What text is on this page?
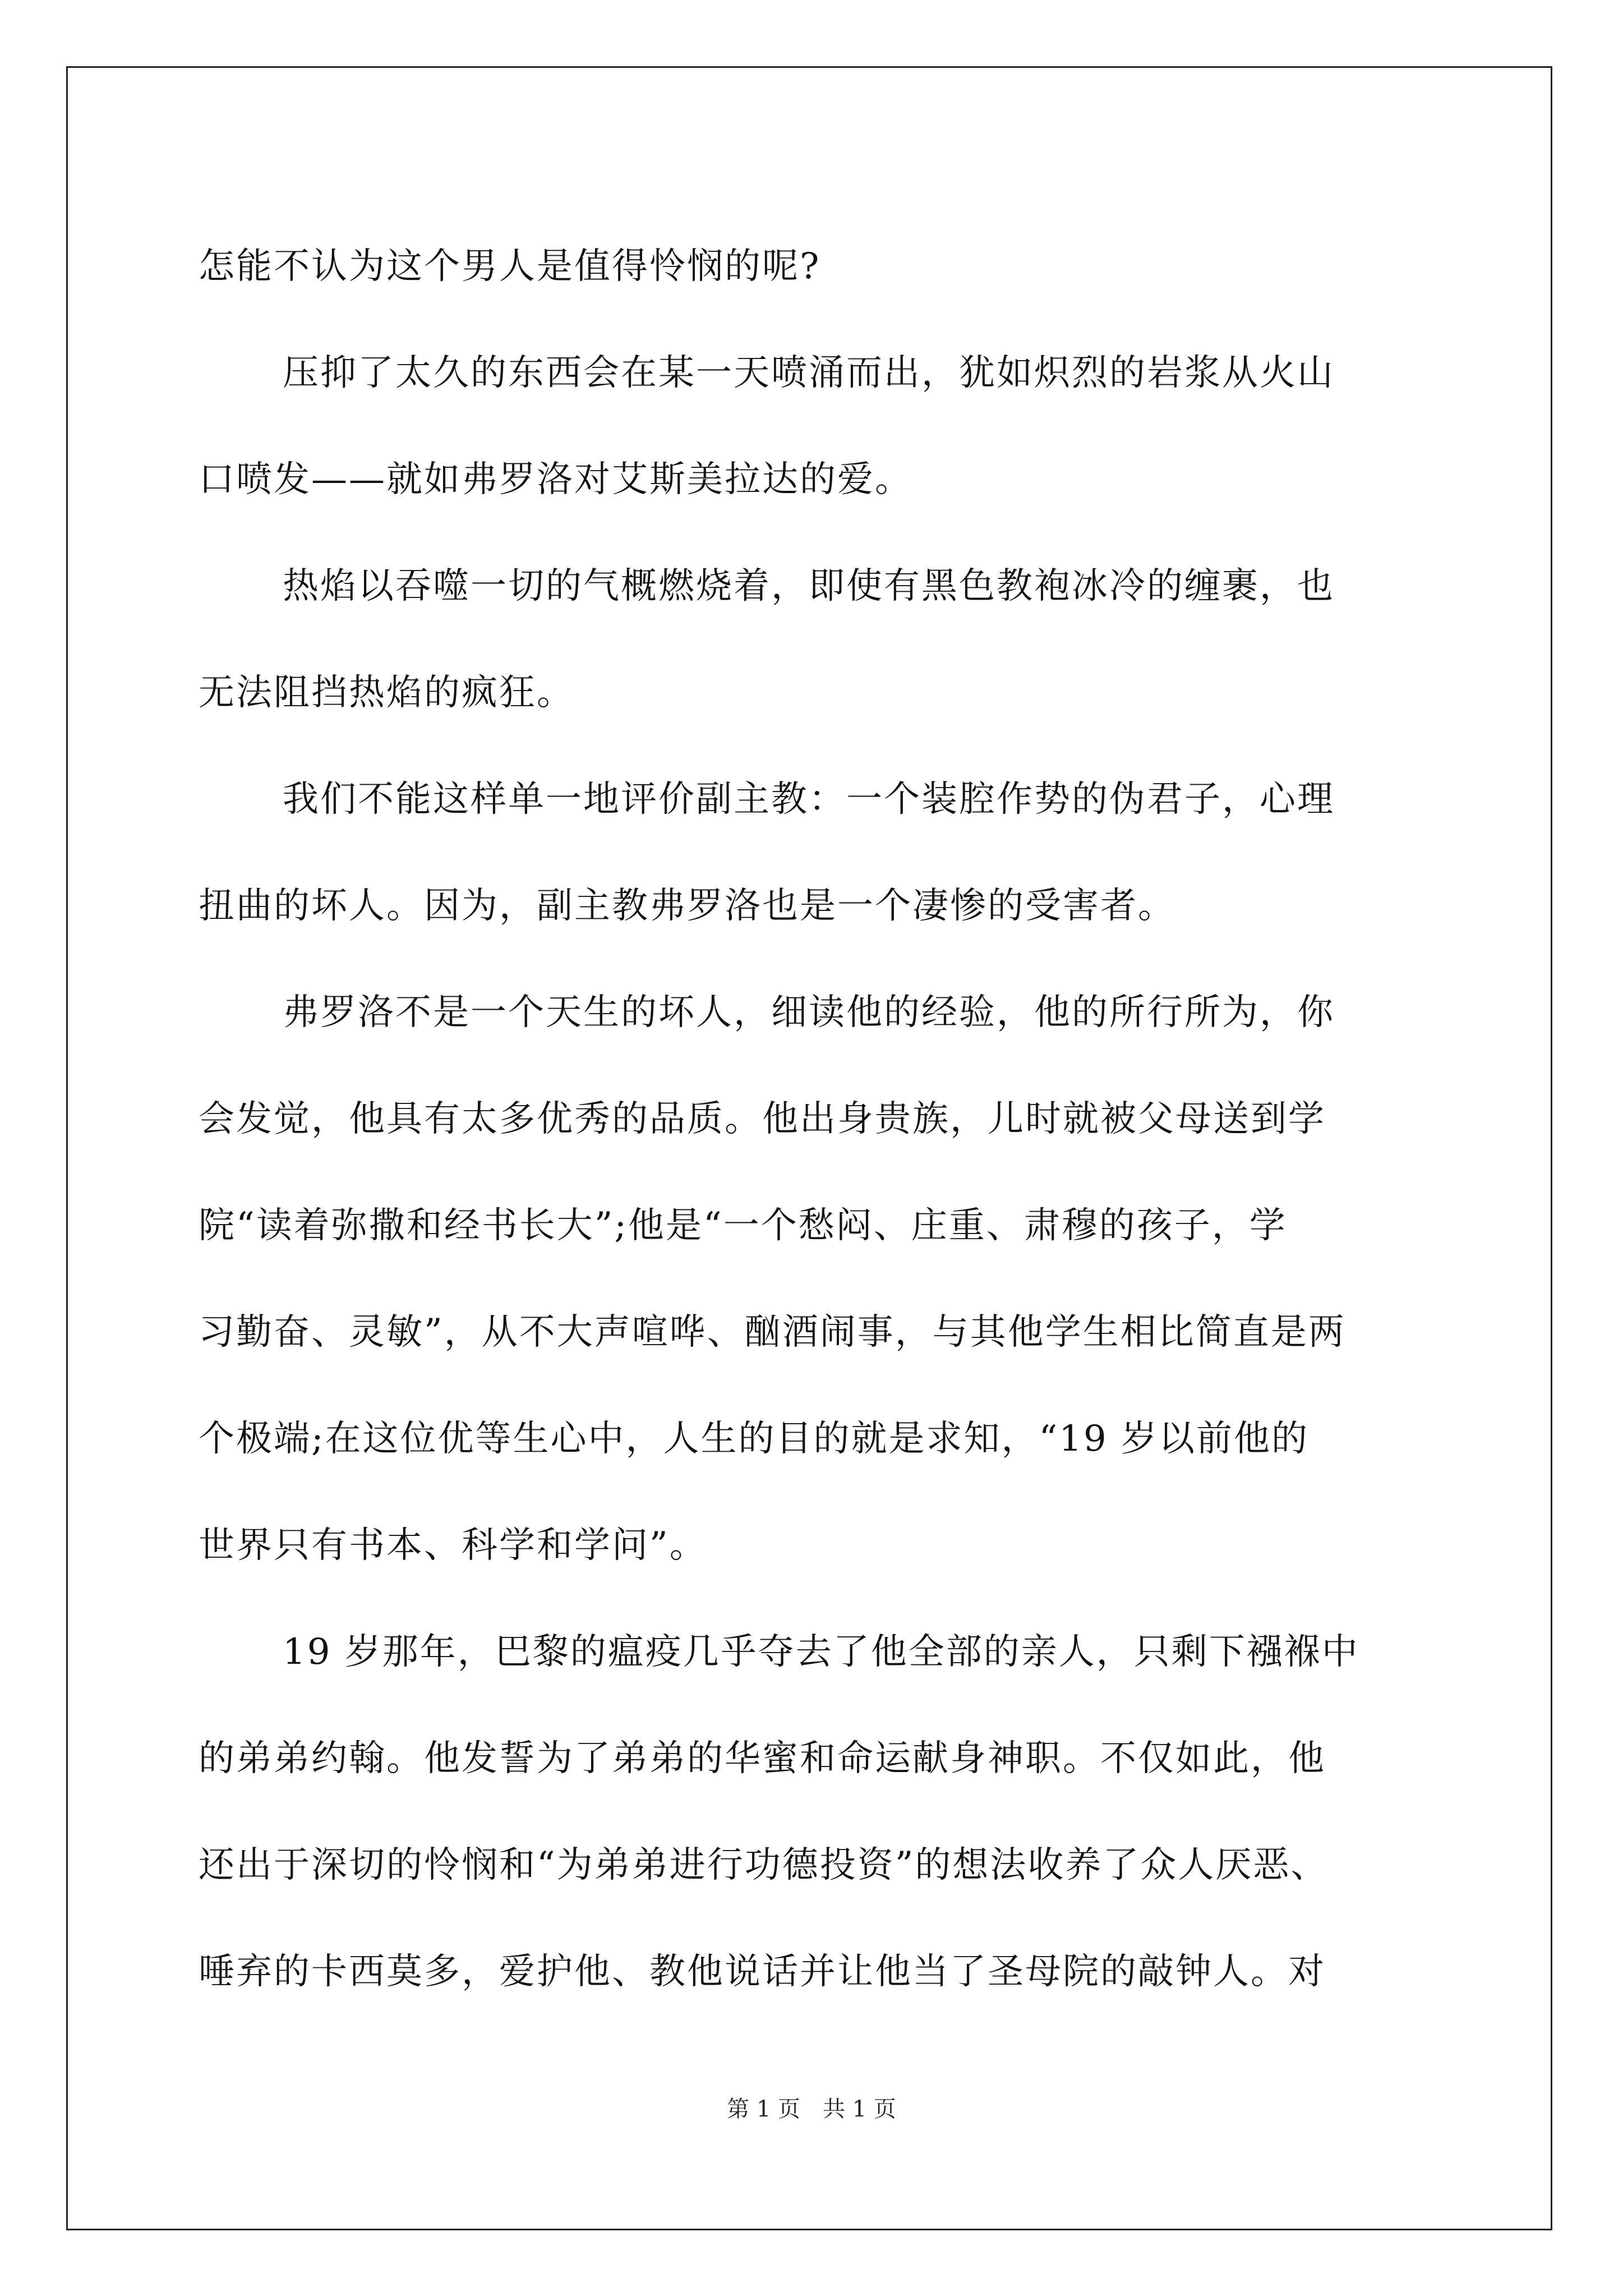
怎能不认为这个男人是值得怜悯的呢?
压抑了太久的东西会在某一天喷涌而出，犹如炽烈的岩浆从火山
口喷发——就如弗罗洛对艾斯美拉达的爱。
热焰以吞噬一切的气概燃烧着，即使有黑色教袍冰冷的缠裹，也
无法阻挡热焰的疯狂。
我们不能这样单一地评价副主教：一个装腔作势的伪君子，心理
扭曲的坏人。因为，副主教弗罗洛也是一个凄惨的受害者。
弗罗洛不是一个天生的坏人，细读他的经验，他的所行所为，你
会发觉，他具有太多优秀的品质。他出身贵族，儿时就被父母送到学
院“读着弥撒和经书长大”;他是“一个愁闷、庄重、肃穆的孩子，学
习勤奋、灵敏”，从不大声喧哗、酗酒闹事，与其他学生相比简直是两
个极端;在这位优等生心中，人生的目的就是求知，“19 岁以前他的
世界只有书本、科学和学问”。
19 岁那年，巴黎的瘟疫几乎夺去了他全部的亲人，只剩下襁褓中
的弟弟约翰。他发誓为了弟弟的华蜜和命运献身神职。不仅如此，他
还出于深切的怜悯和“为弟弟进行功德投资”的想法收养了众人厌恶、
唾弃的卡西莫多，爱护他、教他说话并让他当了圣母院的敲钟人。对
第 1 页　共 1 页
